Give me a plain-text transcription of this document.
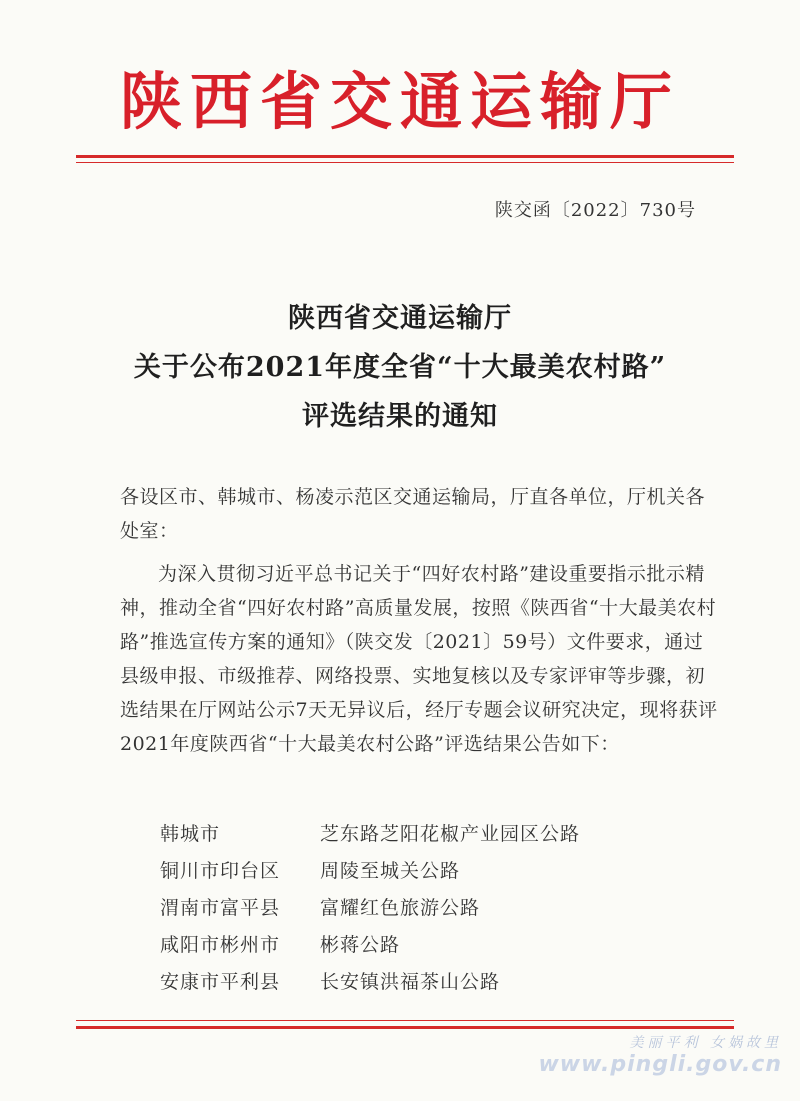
陕西省交通运输厅
陕交函〔2022〕730号
陕西省交通运输厅
关于公布2021年度全省“十大最美农村路”
评选结果的通知
各设区市、韩城市、杨凌示范区交通运输局，厅直各单位，厅机关各处室：
为深入贯彻习近平总书记关于“四好农村路”建设重要指示批示精神，推动全省“四好农村路”高质量发展，按照《陕西省“十大最美农村路”推选宣传方案的通知》（陕交发〔2021〕59号）文件要求，通过县级申报、市级推荐、网络投票、实地复核以及专家评审等步骤，初选结果在厅网站公示7天无异议后，经厅专题会议研究决定，现将获评2021年度陕西省“十大最美农村公路”评选结果公告如下：
韩城市	芝东路芝阳花椒产业园区公路
铜川市印台区	周陵至城关公路
渭南市富平县	富耀红色旅游公路
咸阳市彬州市	彬蒋公路
安康市平利县	长安镇洪福茶山公路
美丽平利 女娲故里
www.pingli.gov.cn
